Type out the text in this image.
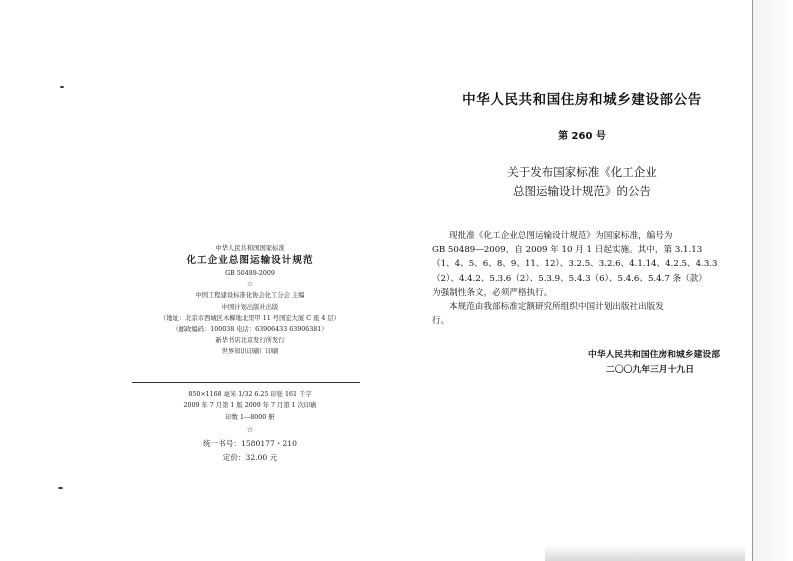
中华人民共和国国家标准
化工企业总图运输设计规范
GB 50489-2009
☆
中国工程建设标准化协会化工分会 主编
中国计划出版社出版
（地址：北京市西城区木樨地北里甲 11 号国宏大厦 C 座 4 层）
（邮政编码：100038 电话：63906433 63906381）
新华书店北京发行所发行
世界知识印刷厂印刷
850×1168 毫米 1/32 6.25 印张 161 千字
2009 年 7 月第 1 版 2009 年 7 月第 1 次印刷
印数 1—8000 册
☆
统一书号：1580177・210
定价：32.00 元
中华人民共和国住房和城乡建设部公告
第 260 号
关于发布国家标准《化工企业
总图运输设计规范》的公告

现批准《化工企业总图运输设计规范》为国家标准，编号为

GB 50489—2009，自 2009 年 10 月 1 日起实施。其中，第 3.1.13
（1、4、5、6、8、9、11、12）、3.2.5、3.2.6、4.1.14、4.2.5、4.3.3
（2）、4.4.2、5.3.6（2）、5.3.9、5.4.3（6）、5.4.6、5.4.7 条（款）
为强制性条文，必须严格执行。

本规范由我部标准定额研究所组织中国计划出版社出版发

行。
中华人民共和国住房和城乡建设部
二〇〇九年三月十九日
